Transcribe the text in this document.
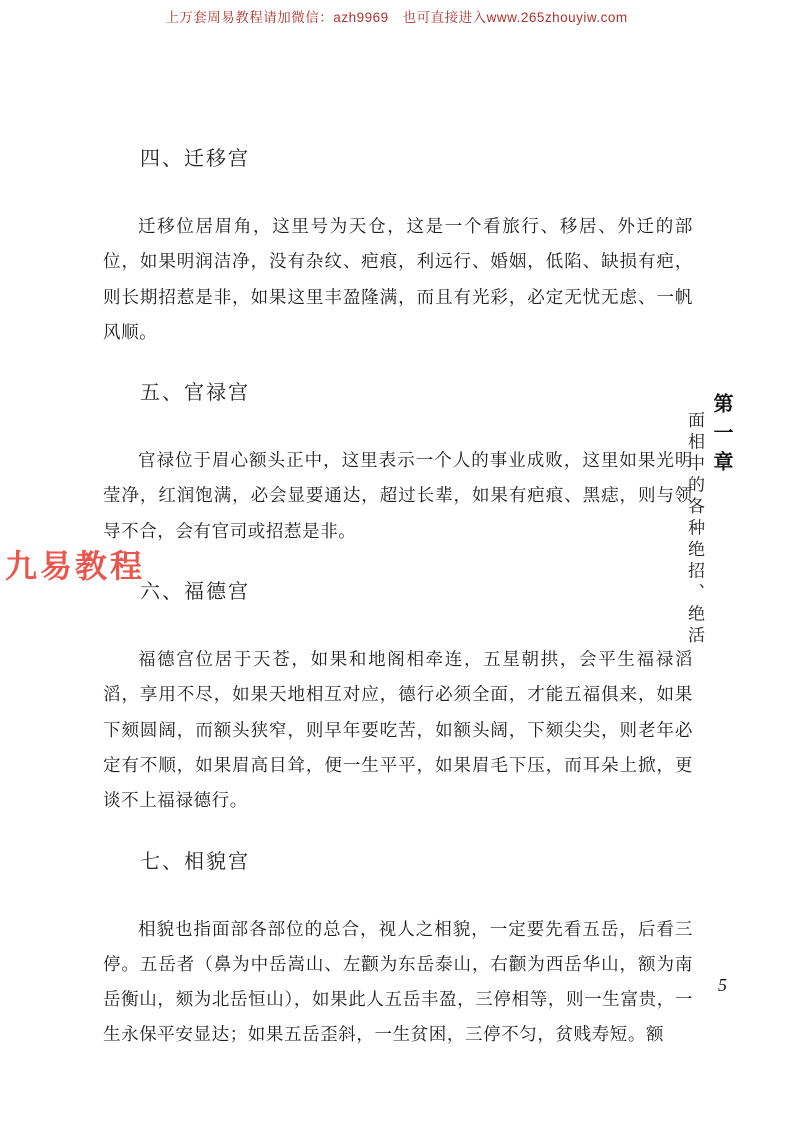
上万套周易教程请加微信：azh9969　也可直接进入www.265zhouyiw.com
九易教程
四、迁移宫

迁移位居眉角，这里号为天仓，这是一个看旅行、移居、外迁的部位，如果明润洁净，没有杂纹、疤痕，利远行、婚姻，低陷、缺损有疤，则长期招惹是非，如果这里丰盈隆满，而且有光彩，必定无忧无虑、一帆风顺。

五、官禄宫

官禄位于眉心额头正中，这里表示一个人的事业成败，这里如果光明莹净，红润饱满，必会显要通达，超过长辈，如果有疤痕、黑痣，则与领导不合，会有官司或招惹是非。

六、福德宫

福德宫位居于天苍，如果和地阁相牵连，五星朝拱，会平生福禄滔滔，享用不尽，如果天地相互对应，德行必须全面，才能五福俱来，如果下颏圆阔，而额头狭窄，则早年要吃苦，如额头阔，下颏尖尖，则老年必定有不顺，如果眉高目耸，便一生平平，如果眉毛下压，而耳朵上掀，更谈不上福禄德行。

七、相貌宫

相貌也指面部各部位的总合，视人之相貌，一定要先看五岳，后看三停。五岳者（鼻为中岳嵩山、左颧为东岳泰山，右颧为西岳华山，额为南岳衡山，颏为北岳恒山），如果此人五岳丰盈，三停相等，则一生富贵，一生永保平安显达；如果五岳歪斜，一生贫困，三停不匀，贫贱寿短。额

第一章
面相中的各种绝招、绝活
5
